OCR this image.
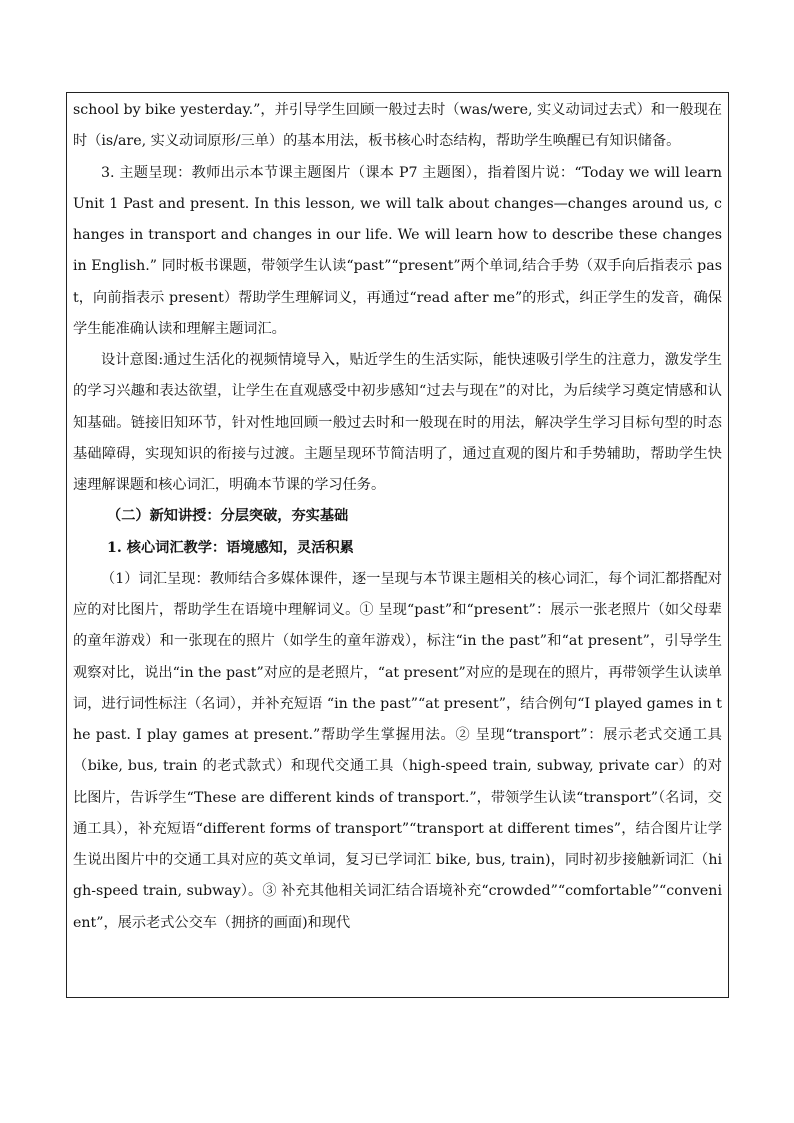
school by bike yesterday.”，并引导学生回顾一般过去时（was/were, 实义动词过去式）和一般现在时（is/are, 实义动词原形/三单）的基本用法，板书核心时态结构，帮助学生唤醒已有知识储备。

3. 主题呈现：教师出示本节课主题图片（课本 P7 主题图），指着图片说：“Today we will learn Unit 1 Past and present. In this lesson, we will talk about changes—changes around us, changes in transport and changes in our life. We will learn how to describe these changes in English.” 同时板书课题，带领学生认读“past”“present”两个单词,结合手势（双手向后指表示 past，向前指表示 present）帮助学生理解词义，再通过“read after me”的形式，纠正学生的发音，确保学生能准确认读和理解主题词汇。

设计意图:通过生活化的视频情境导入，贴近学生的生活实际，能快速吸引学生的注意力，激发学生的学习兴趣和表达欲望，让学生在直观感受中初步感知“过去与现在”的对比，为后续学习奠定情感和认知基础。链接旧知环节，针对性地回顾一般过去时和一般现在时的用法，解决学生学习目标句型的时态基础障碍，实现知识的衔接与过渡。主题呈现环节简洁明了，通过直观的图片和手势辅助，帮助学生快速理解课题和核心词汇，明确本节课的学习任务。

（二）新知讲授：分层突破，夯实基础

1. 核心词汇教学：语境感知，灵活积累

（1）词汇呈现：教师结合多媒体课件，逐一呈现与本节课主题相关的核心词汇，每个词汇都搭配对应的对比图片，帮助学生在语境中理解词义。① 呈现“past”和“present”：展示一张老照片（如父母辈的童年游戏）和一张现在的照片（如学生的童年游戏），标注“in the past”和“at present”，引导学生观察对比，说出“in the past”对应的是老照片，“at present”对应的是现在的照片，再带领学生认读单词，进行词性标注（名词），并补充短语 “in the past”“at present”，结合例句“I played games in the past. I play games at present.”帮助学生掌握用法。② 呈现“transport”：展示老式交通工具（bike, bus, train 的老式款式）和现代交通工具（high-speed train, subway, private car）的对比图片，告诉学生“These are different kinds of transport.”，带领学生认读“transport”（名词，交通工具），补充短语“different forms of transport”“transport at different times”，结合图片让学生说出图片中的交通工具对应的英文单词，复习已学词汇 bike, bus, train)，同时初步接触新词汇（high-speed train, subway）。③ 补充其他相关词汇结合语境补充“crowded”“comfortable”“convenient”，展示老式公交车（拥挤的画面)和现代
